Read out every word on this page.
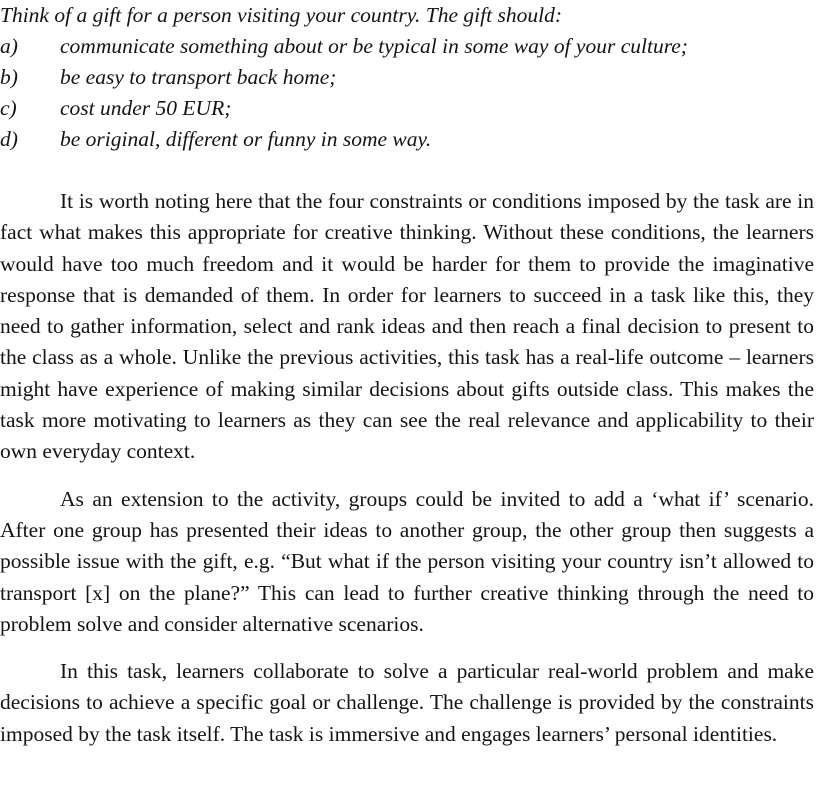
Think of a gift for a person visiting your country. The gift should:

a)	communicate something about or be typical in some way of your culture;
b)	be easy to transport back home;
c)	cost under 50 EUR;
d)	be original, different or funny in some way.

It is worth noting here that the four constraints or conditions imposed by the task are in fact what makes this appropriate for creative thinking. Without these conditions, the learners would have too much freedom and it would be harder for them to provide the imaginative response that is demanded of them. In order for learners to succeed in a task like this, they need to gather information, select and rank ideas and then reach a final decision to present to the class as a whole. Unlike the previous activities, this task has a real-life outcome – learners might have experience of making similar decisions about gifts outside class. This makes the task more motivating to learners as they can see the real relevance and applicability to their own everyday context.

As an extension to the activity, groups could be invited to add a ‘what if’ scenario. After one group has presented their ideas to another group, the other group then suggests a possible issue with the gift, e.g. “But what if the person visiting your country isn’t allowed to transport [x] on the plane?” This can lead to further creative thinking through the need to problem solve and consider alternative scenarios.

In this task, learners collaborate to solve a particular real-world problem and make decisions to achieve a specific goal or challenge. The challenge is provided by the constraints imposed by the task itself. The task is immersive and engages learners’ personal identities.
